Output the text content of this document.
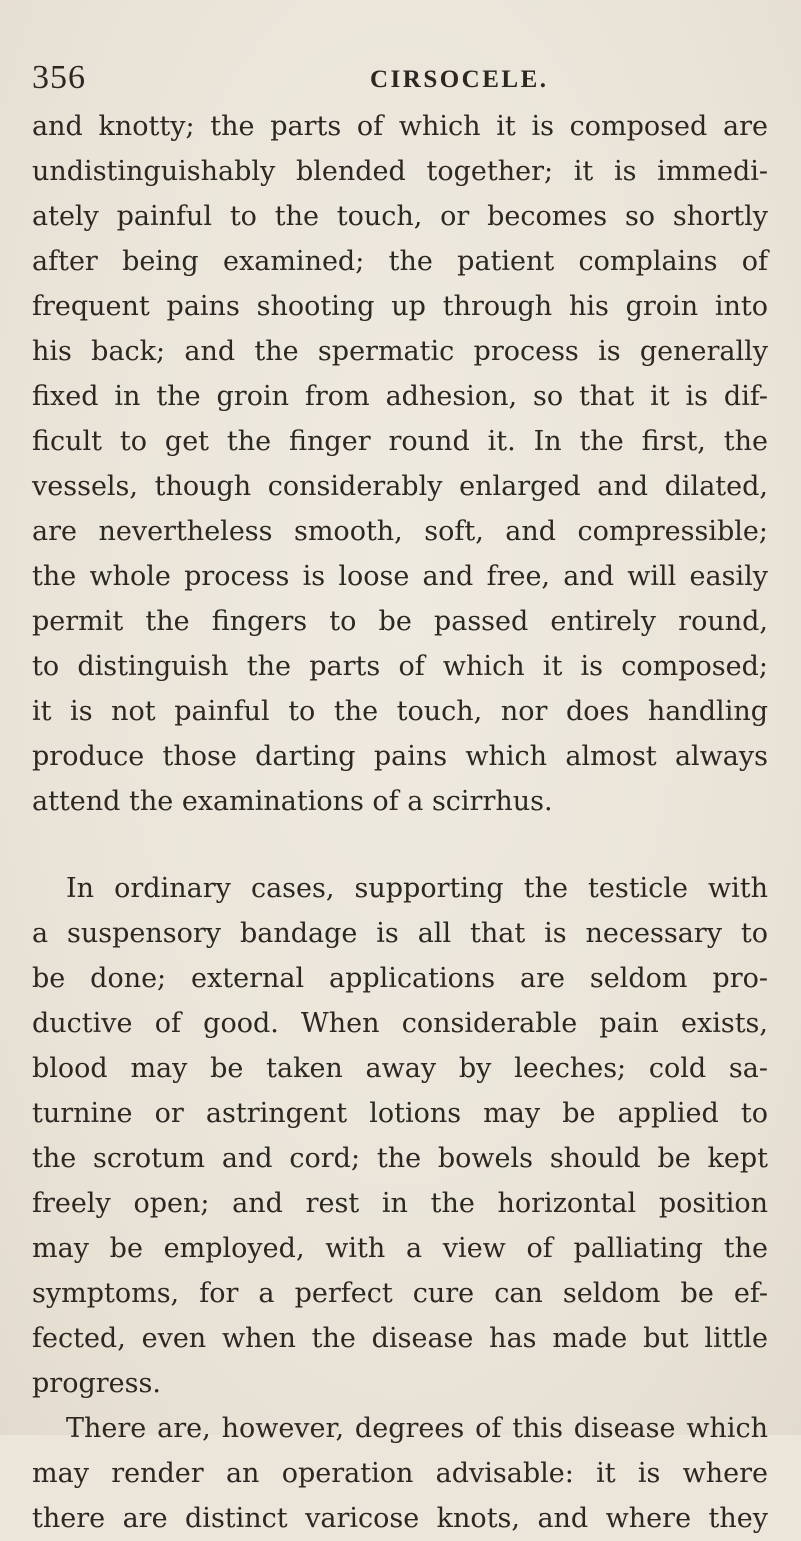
356	CIRSOCELE.
and knotty; the parts of which it is composed are
undistinguishably blended together; it is immedi-
ately painful to the touch, or becomes so shortly
after being examined; the patient complains of
frequent pains shooting up through his groin into
his back; and the spermatic process is generally
fixed in the groin from adhesion, so that it is dif-
ficult to get the finger round it. In the first, the
vessels, though considerably enlarged and dilated,
are nevertheless smooth, soft, and compressible;
the whole process is loose and free, and will easily
permit the fingers to be passed entirely round,
to distinguish the parts of which it is composed;
it is not painful to the touch, nor does handling
produce those darting pains which almost always
attend the examinations of a scirrhus.
In ordinary cases, supporting the testicle with
a suspensory bandage is all that is necessary to
be done; external applications are seldom pro-
ductive of good. When considerable pain exists,
blood may be taken away by leeches; cold sa-
turnine or astringent lotions may be applied to
the scrotum and cord; the bowels should be kept
freely open; and rest in the horizontal position
may be employed, with a view of palliating the
symptoms, for a perfect cure can seldom be ef-
fected, even when the disease has made but little
progress.
There are, however, degrees of this disease which
may render an operation advisable: it is where
there are distinct varicose knots, and where they
